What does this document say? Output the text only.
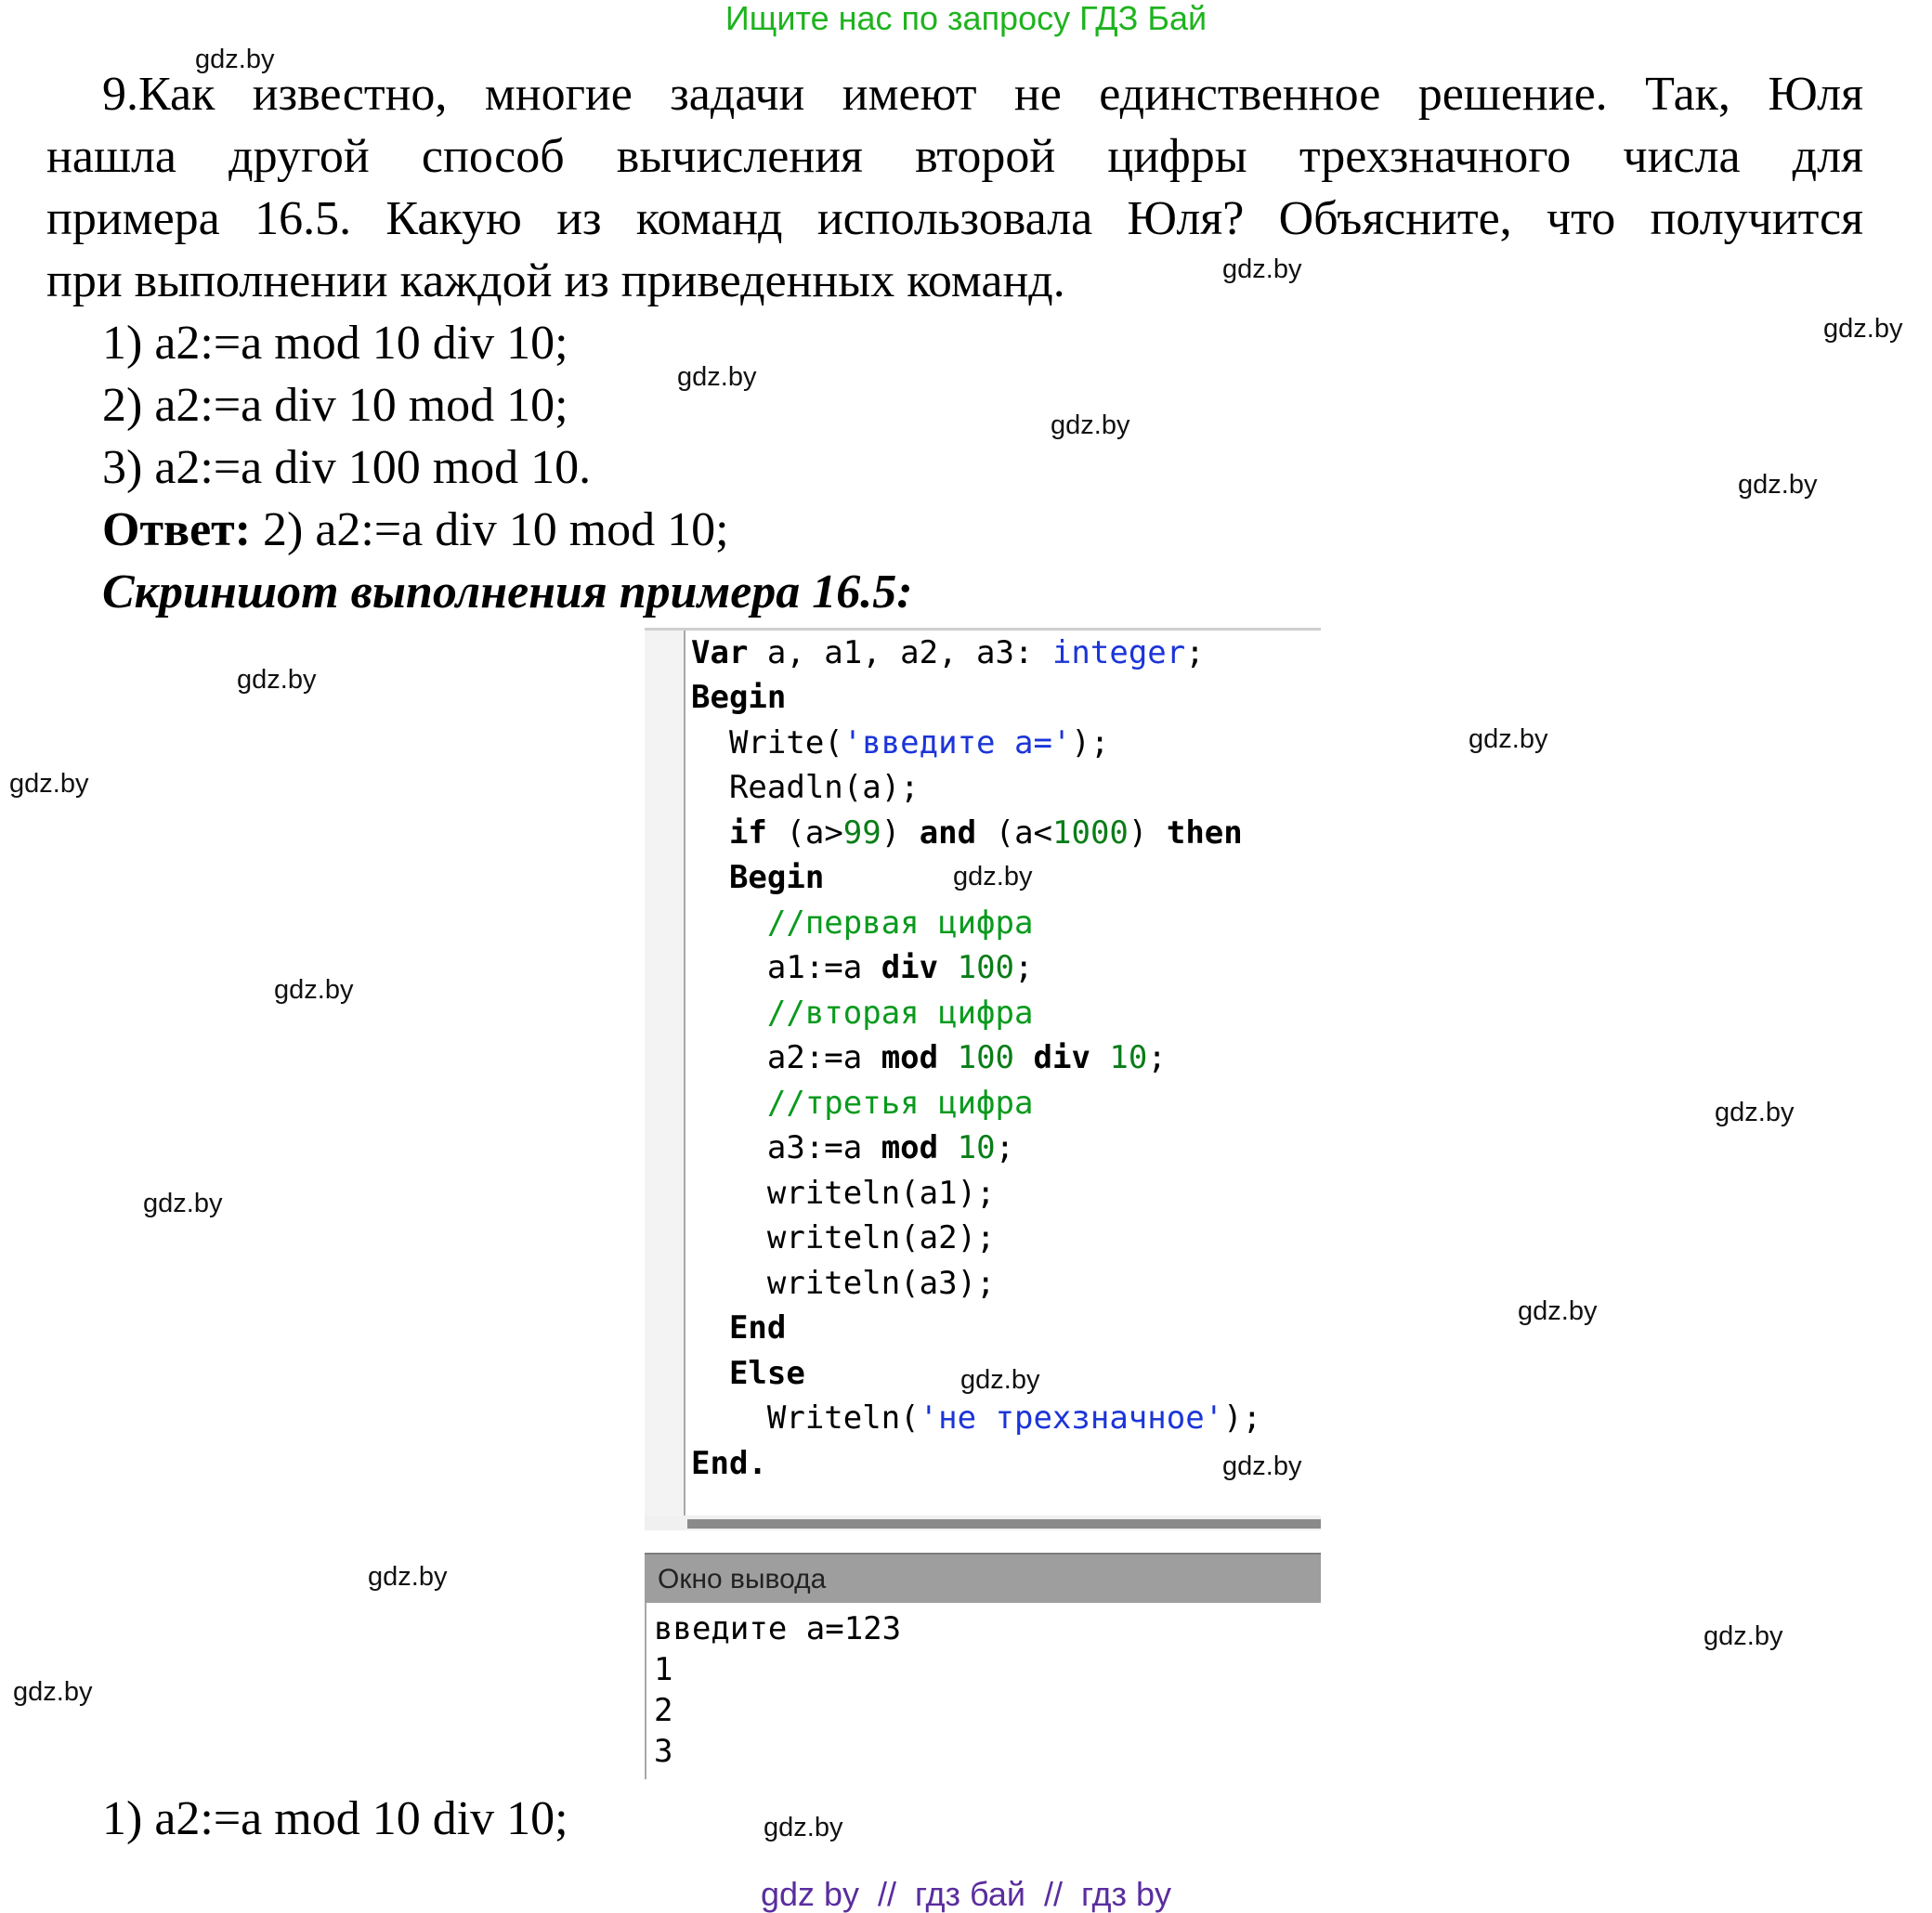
Ищите нас по запросу ГДЗ Бай
9.Как известно, многие задачи имеют не единственное решение. Так, Юля
нашла другой способ вычисления второй цифры трехзначного числа для
примера 16.5. Какую из команд использовала Юля? Объясните, что получится
при выполнении каждой из приведенных команд.
1) a2:=a mod 10 div 10;
2) a2:=a div 10 mod 10;
3) a2:=a div 100 mod 10.
Ответ: 2) a2:=a div 10 mod 10;
Скриншот выполнения примера 16.5:
Var a, a1, a2, a3: integer;
Begin
Write('введите a=');
Readln(a);
if (a>99) and (a<1000) then
Begin
//первая цифра
a1:=a div 100;
//вторая цифра
a2:=a mod 100 div 10;
//третья цифра
a3:=a mod 10;
writeln(a1);
writeln(a2);
writeln(a3);
End
Else
Writeln('не трехзначное');
End.
Окно вывода
введите a=123
1
2
3
1) a2:=a mod 10 div 10;
gdz.by
gdz.by
gdz.by
gdz.by
gdz.by
gdz.by
gdz.by
gdz.by
gdz.by
gdz.by
gdz.by
gdz.by
gdz.by
gdz.by
gdz.by
gdz.by
gdz.by
gdz.by
gdz.by
gdz.by
gdz by  //  гдз бай  //  гдз by
